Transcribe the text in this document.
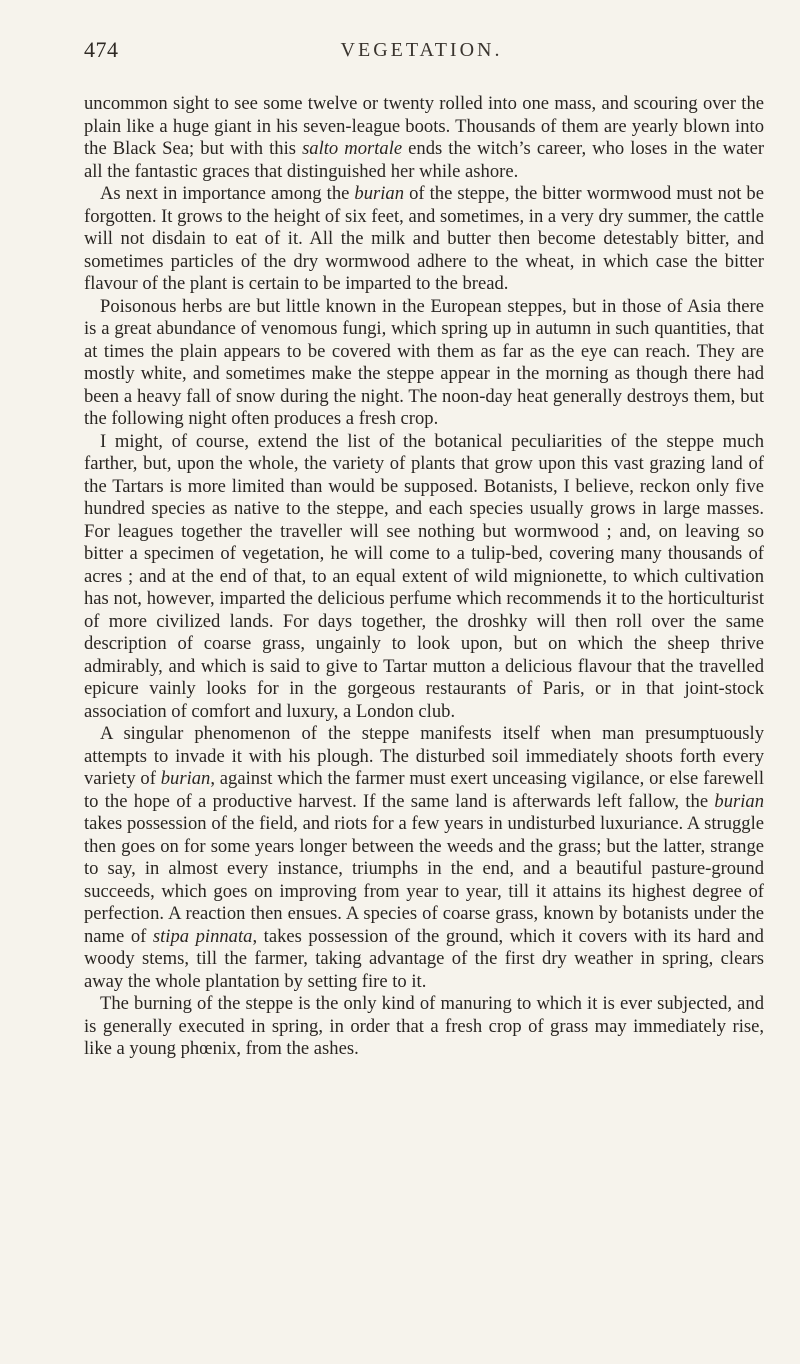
474	VEGETATION.

uncommon sight to see some twelve or twenty rolled into one mass, and scouring over the plain like a huge giant in his seven-league boots. Thousands of them are yearly blown into the Black Sea; but with this salto mortale ends the witch’s career, who loses in the water all the fantastic graces that distinguished her while ashore.

As next in importance among the burian of the steppe, the bitter wormwood must not be forgotten. It grows to the height of six feet, and sometimes, in a very dry summer, the cattle will not disdain to eat of it. All the milk and butter then become detestably bitter, and sometimes particles of the dry wormwood adhere to the wheat, in which case the bitter flavour of the plant is certain to be imparted to the bread.

Poisonous herbs are but little known in the European steppes, but in those of Asia there is a great abundance of venomous fungi, which spring up in autumn in such quantities, that at times the plain appears to be covered with them as far as the eye can reach. They are mostly white, and sometimes make the steppe appear in the morning as though there had been a heavy fall of snow during the night. The noon-day heat generally destroys them, but the following night often produces a fresh crop.

I might, of course, extend the list of the botanical peculiarities of the steppe much farther, but, upon the whole, the variety of plants that grow upon this vast grazing land of the Tartars is more limited than would be supposed. Botanists, I believe, reckon only five hundred species as native to the steppe, and each species usually grows in large masses. For leagues together the traveller will see nothing but wormwood ; and, on leaving so bitter a specimen of vegetation, he will come to a tulip-bed, covering many thousands of acres ; and at the end of that, to an equal extent of wild mignionette, to which cultivation has not, however, imparted the delicious perfume which recommends it to the horticulturist of more civilized lands. For days together, the droshky will then roll over the same description of coarse grass, ungainly to look upon, but on which the sheep thrive admirably, and which is said to give to Tartar mutton a delicious flavour that the travelled epicure vainly looks for in the gorgeous restaurants of Paris, or in that joint-stock association of comfort and luxury, a London club.

A singular phenomenon of the steppe manifests itself when man presumptuously attempts to invade it with his plough. The disturbed soil immediately shoots forth every variety of burian, against which the farmer must exert unceasing vigilance, or else farewell to the hope of a productive harvest. If the same land is afterwards left fallow, the burian takes possession of the field, and riots for a few years in undisturbed luxuriance. A struggle then goes on for some years longer between the weeds and the grass; but the latter, strange to say, in almost every instance, triumphs in the end, and a beautiful pasture-ground succeeds, which goes on improving from year to year, till it attains its highest degree of perfection. A reaction then ensues. A species of coarse grass, known by botanists under the name of stipa pinnata, takes possession of the ground, which it covers with its hard and woody stems, till the farmer, taking advantage of the first dry weather in spring, clears away the whole plantation by setting fire to it.

The burning of the steppe is the only kind of manuring to which it is ever subjected, and is generally executed in spring, in order that a fresh crop of grass may immediately rise, like a young phœnix, from the ashes.
